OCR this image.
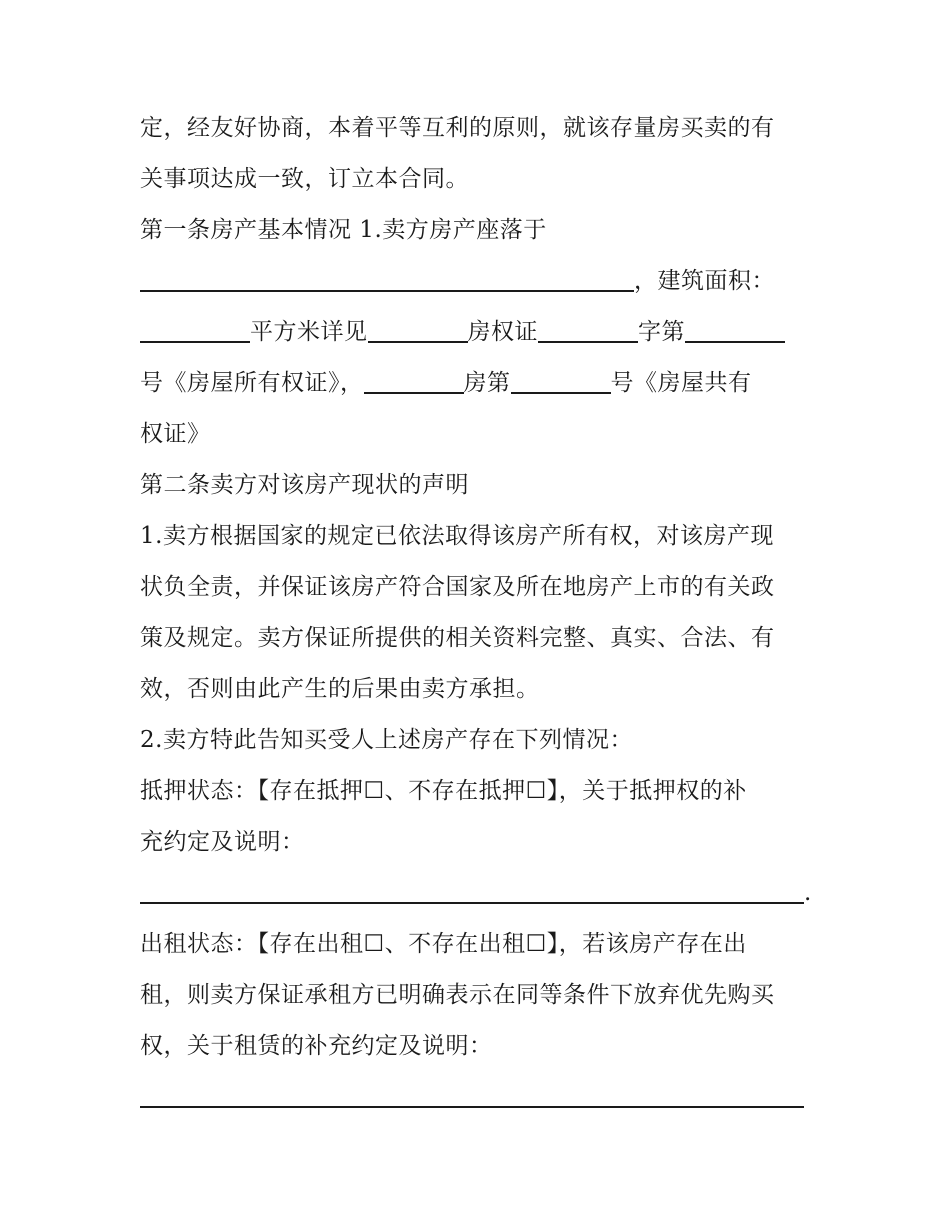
定，经友好协商，本着平等互利的原则，就该存量房买卖的有
关事项达成一致，订立本合同。
第一条房产基本情况 1.卖方房产座落于
，建筑面积：
平方米详见	房权证	字第
号《房屋所有权证》，	房第	号《房屋共有
权证》
第二条卖方对该房产现状的声明
1.卖方根据国家的规定已依法取得该房产所有权，对该房产现
状负全责，并保证该房产符合国家及所在地房产上市的有关政
策及规定。卖方保证所提供的相关资料完整、真实、合法、有
效，否则由此产生的后果由卖方承担。
2.卖方特此告知买受人上述房产存在下列情况：
抵押状态：【存在抵押☐、不存在抵押☐】，关于抵押权的补
充约定及说明：
.
出租状态：【存在出租☐、不存在出租☐】，若该房产存在出
租，则卖方保证承租方已明确表示在同等条件下放弃优先购买
权，关于租赁的补充约定及说明：
